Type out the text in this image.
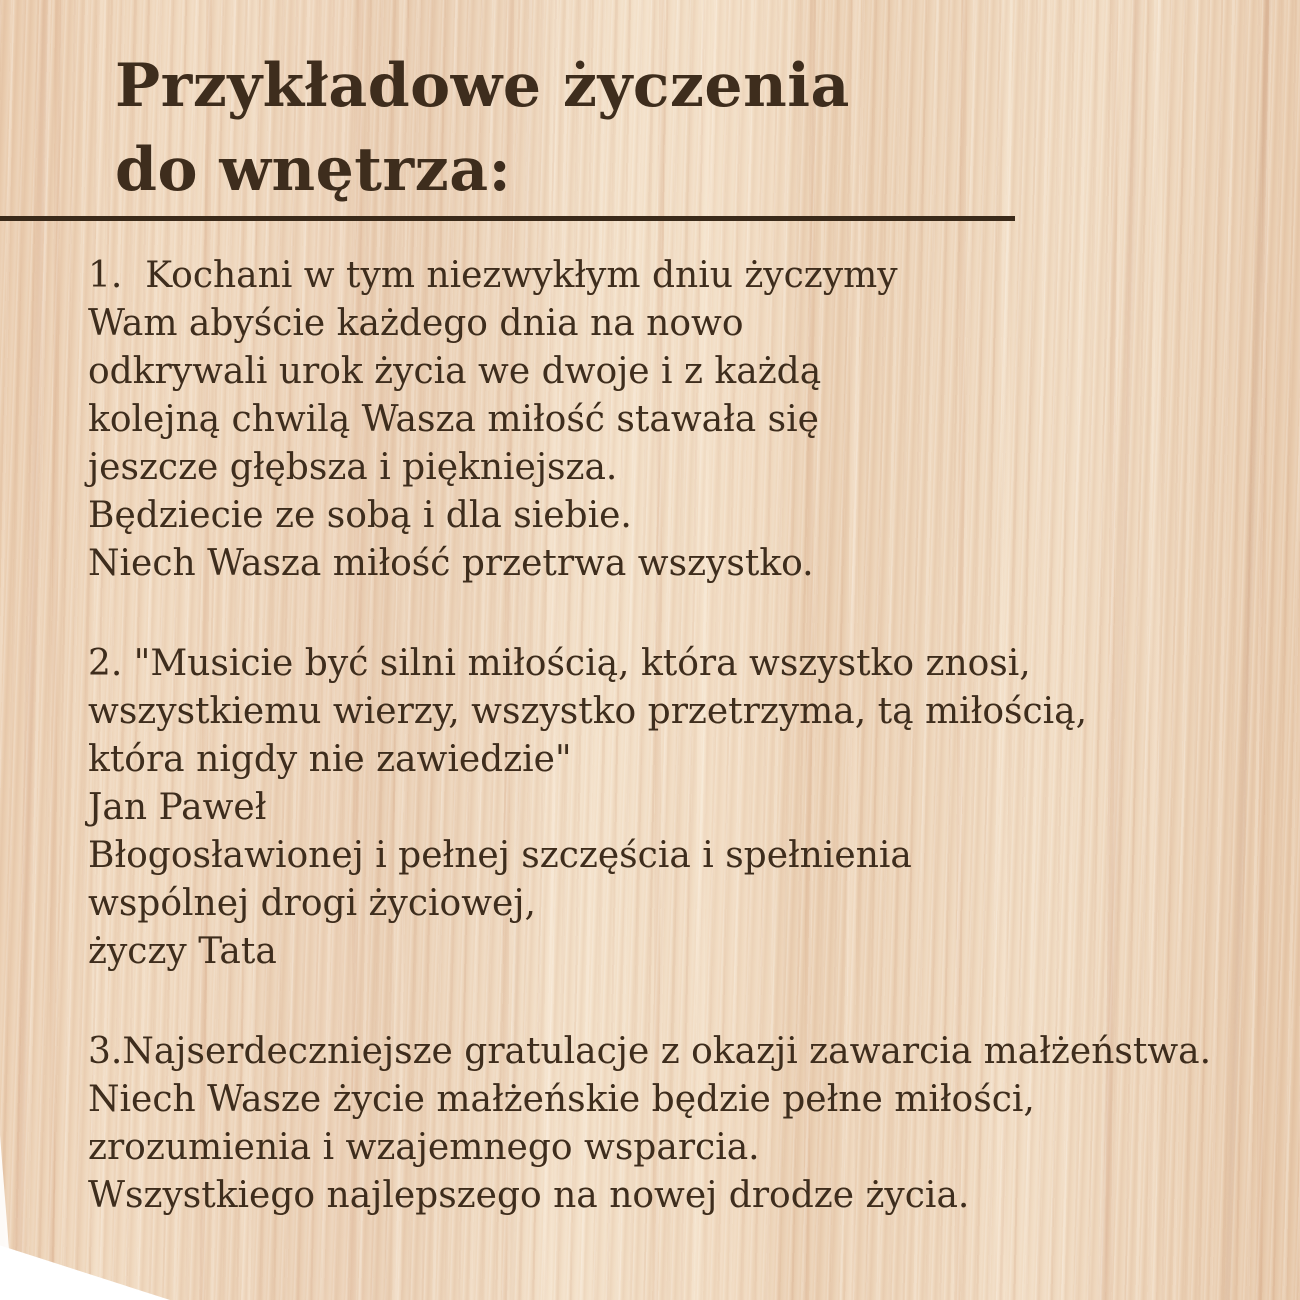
Przykładowe życzenia
do wnętrza:
1.  Kochani w tym niezwykłym dniu życzymy
Wam abyście każdego dnia na nowo
odkrywali urok życia we dwoje i z każdą
kolejną chwilą Wasza miłość stawała się
jeszcze głębsza i piękniejsza.
Będziecie ze sobą i dla siebie.
Niech Wasza miłość przetrwa wszystko.
2. "Musicie być silni miłością, która wszystko znosi,
wszystkiemu wierzy, wszystko przetrzyma, tą miłością,
która nigdy nie zawiedzie"
Jan Paweł
Błogosławionej i pełnej szczęścia i spełnienia
wspólnej drogi życiowej,
życzy Tata
3.Najserdeczniejsze gratulacje z okazji zawarcia małżeństwa.
Niech Wasze życie małżeńskie będzie pełne miłości,
zrozumienia i wzajemnego wsparcia.
Wszystkiego najlepszego na nowej drodze życia.
